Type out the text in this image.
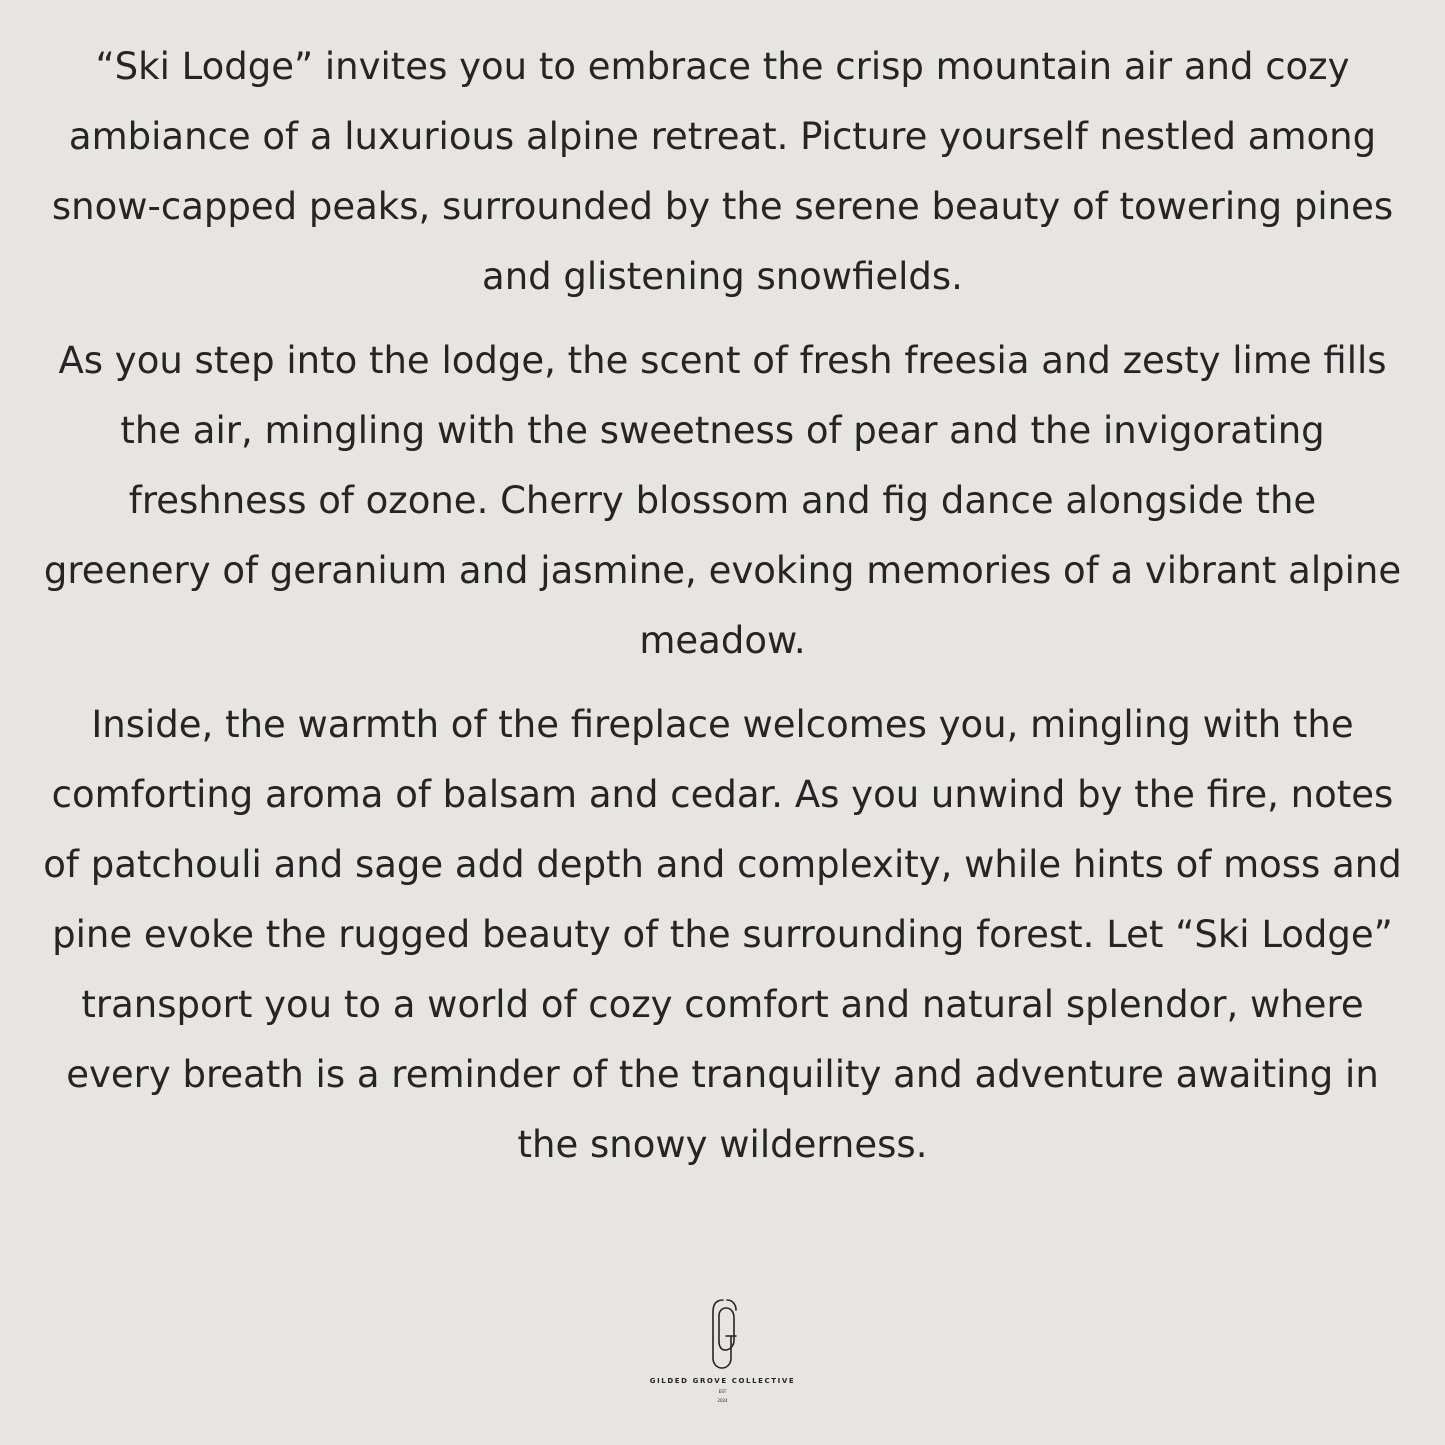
“Ski Lodge” invites you to embrace the crisp mountain air and cozy ambiance of a luxurious alpine retreat. Picture yourself nestled among snow-capped peaks, surrounded by the serene beauty of towering pines and glistening snowfields.

As you step into the lodge, the scent of fresh freesia and zesty lime fills the air, mingling with the sweetness of pear and the invigorating freshness of ozone. Cherry blossom and fig dance alongside the greenery of geranium and jasmine, evoking memories of a vibrant alpine meadow.

Inside, the warmth of the fireplace welcomes you, mingling with the comforting aroma of balsam and cedar. As you unwind by the fire, notes of patchouli and sage add depth and complexity, while hints of moss and pine evoke the rugged beauty of the surrounding forest. Let “Ski Lodge” transport you to a world of cozy comfort and natural splendor, where every breath is a reminder of the tranquility and adventure awaiting in the snowy wilderness.

GILDED GROVE COLLECTIVE
EST
2024
